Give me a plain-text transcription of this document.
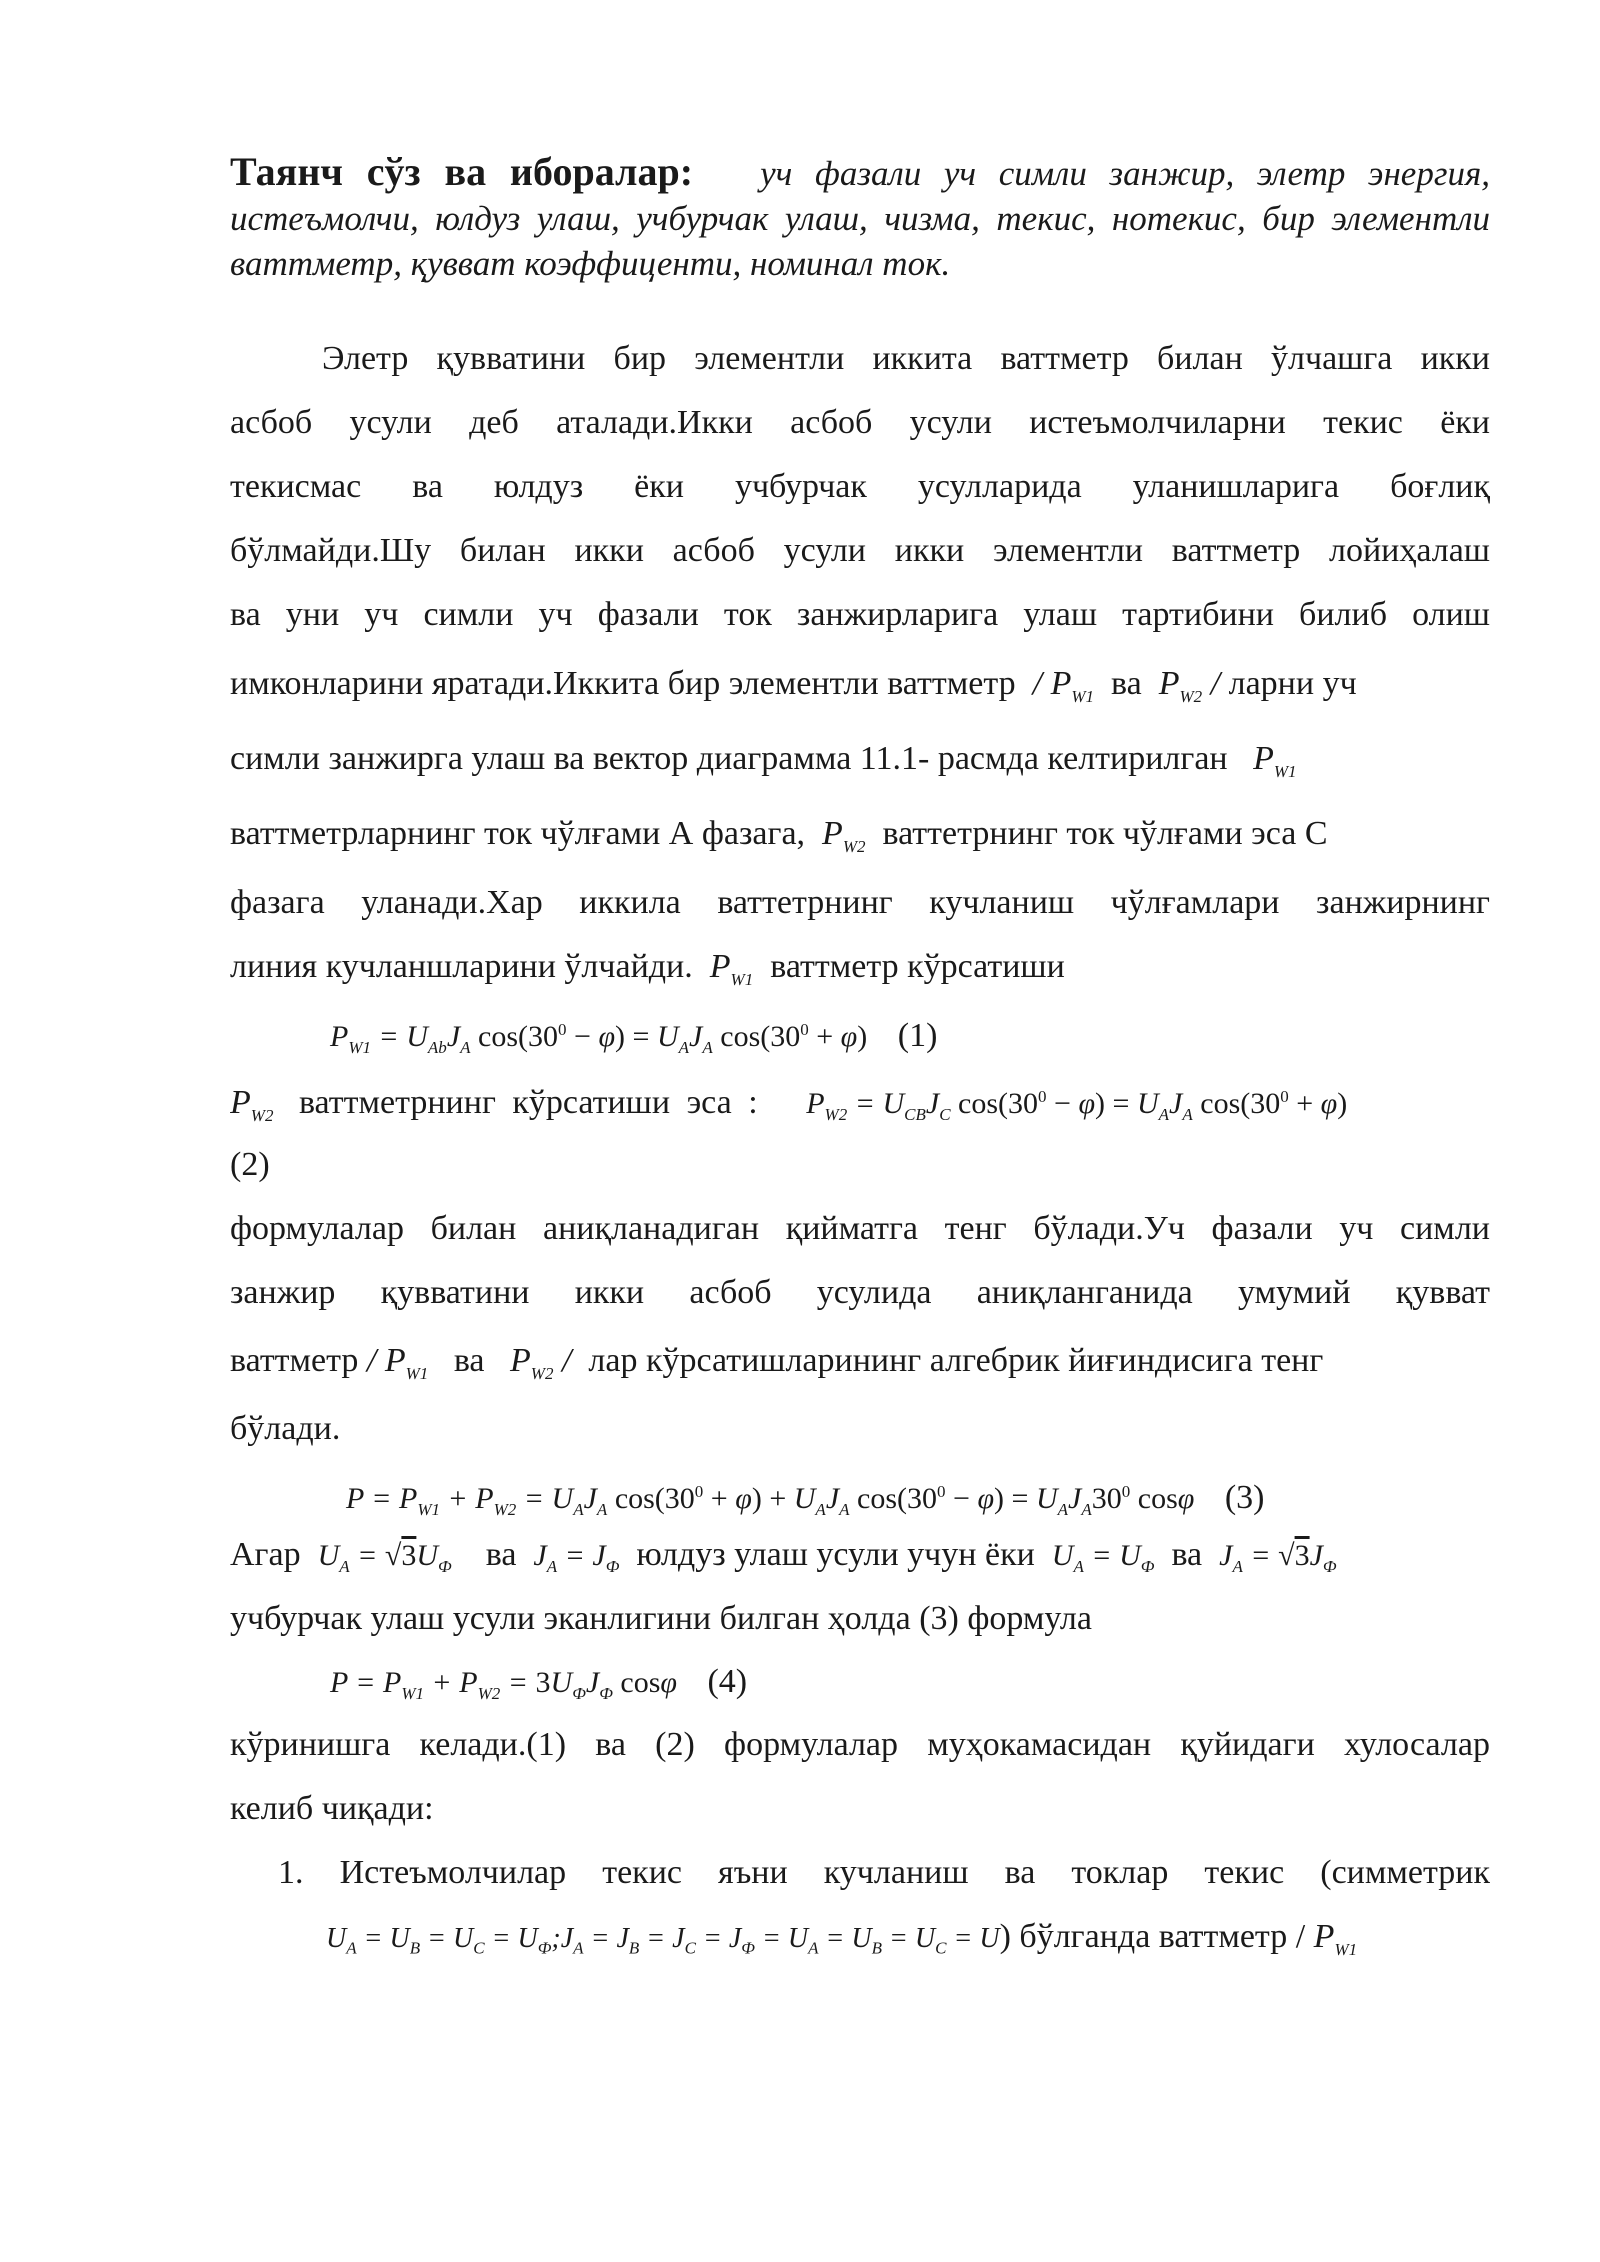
Таянч сўз ва иборалар: уч фазали уч симли занжир, элетр энергия, истеъмолчи, юлдуз улаш, учбурчак улаш, чизма, текис, нотекис, бир элементли ваттметр, қувват коэффиценти, номинал ток.
Элетр қувватини бир элементли иккита ваттметр билан ўлчашга икки
асбоб усули деб аталади.Икки асбоб усули истеъмолчиларни текис ёки
текисмас ва юлдуз ёки учбурчак усулларида уланишларига боғлиқ
бўлмайди.Шу билан икки асбоб усули икки элементли ваттметр лойиҳалаш
ва уни уч симли уч фазали ток занжирларига улаш тартибини билиб олиш
имконларини яратади.Иккита бир элементли ваттметр  / $P_{W1}$ ва $P_{W2}$ / ларни уч
симли занжирга улаш ва вектор диаграмма 11.1- расмда келтирилган $P_{W1}$
ваттметрларнинг ток чўлғами А фазага, $P_{W2}$ ваттетрнинг ток чўлғами эса С
фазага уланади.Хар иккила ваттетрнинг кучланиш чўлғамлари занжирнинг
линия кучланшларини ўлчайди. $P_{W1}$ ваттметр кўрсатиши
$P_{W1} = U_{Ab}J_A$ $\cos(30^0 - \varphi) = U_AJ_A$ $\cos(30^0 + \varphi)$ (1)
$P_{W2}$ ваттметрнинг кўрсатиши эса : $P_{W2} = U_{CB}J_C$ $\cos(30^0 - \varphi) = U_AJ_A$ $\cos(30^0 + \varphi)$
(2)
формулалар билан аниқланадиган қийматга тенг бўлади.Уч фазали уч симли
занжир қувватини икки асбоб усулида аниқланганида умумий қувват
ваттметр / $P_{W1}$ ва $P_{W2}$ / лар кўрсатишларининг алгебрик йиғиндисига тенг
бўлади.
$P = P_{W1} + P_{W2} = U_AJ_A$ $\cos(30^0 + \varphi) + U_AJ_A$ $\cos(30^0 - \varphi) = U_AJ_A30^0$ cosφ (3)
Агар $U_A = √3U_Ф$ ва $J_A = J_Ф$ юлдуз улаш усули учун ёки $U_A = U_Ф$ ва $J_A = √3J_Ф$
учбурчак улаш усули эканлигини билган ҳолда (3) формула
$P = P_{W1} + P_{W2} = 3U_ФJ_Ф$ cosφ (4)
кўринишга келади.(1) ва (2) формулалар муҳокамасидан қуйидаги хулосалар
келиб чиқади:
1. Истеъмолчилар текис яъни кучланиш ва токлар текис (симметрик
$U_A = U_B = U_C$ = $U_Ф;J_A = J_B = J_C = J_Ф = U_A = U_B = U_C = U$) бўлганда ваттметр / $P_{W1}$
